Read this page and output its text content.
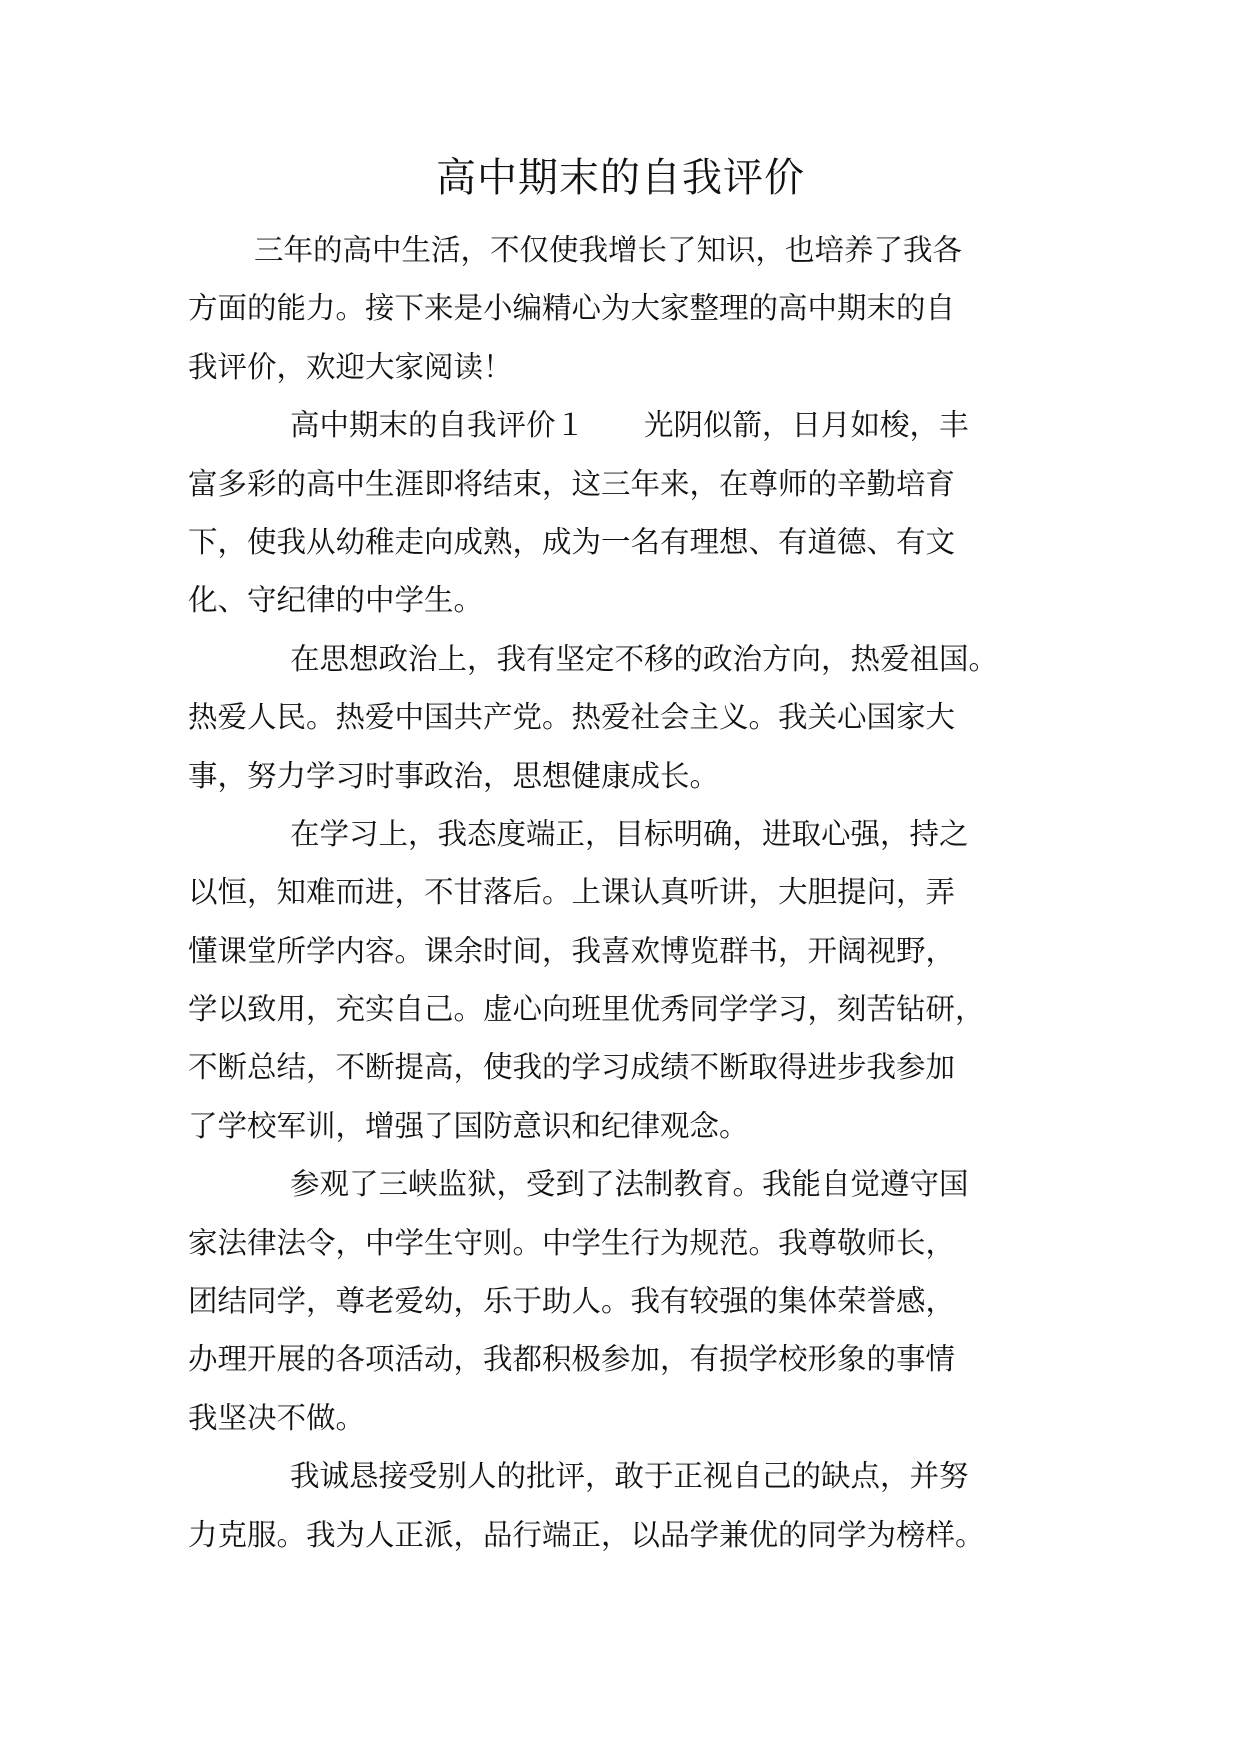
高中期末的自我评价
三年的高中生活，不仅使我增长了知识，也培养了我各
方面的能力。接下来是小编精心为大家整理的高中期末的自
我评价，欢迎大家阅读！
高中期末的自我评价１　　光阴似箭，日月如梭，丰
富多彩的高中生涯即将结束，这三年来，在尊师的辛勤培育
下，使我从幼稚走向成熟，成为一名有理想、有道德、有文
化、守纪律的中学生。
在思想政治上，我有坚定不移的政治方向，热爱祖国。
热爱人民。热爱中国共产党。热爱社会主义。我关心国家大
事，努力学习时事政治，思想健康成长。
在学习上，我态度端正，目标明确，进取心强，持之
以恒，知难而进，不甘落后。上课认真听讲，大胆提问，弄
懂课堂所学内容。课余时间，我喜欢博览群书，开阔视野，
学以致用，充实自己。虚心向班里优秀同学学习，刻苦钻研，
不断总结，不断提高，使我的学习成绩不断取得进步我参加
了学校军训，增强了国防意识和纪律观念。
参观了三峡监狱，受到了法制教育。我能自觉遵守国
家法律法令，中学生守则。中学生行为规范。我尊敬师长，
团结同学，尊老爱幼，乐于助人。我有较强的集体荣誉感，
办理开展的各项活动，我都积极参加，有损学校形象的事情
我坚决不做。
我诚恳接受别人的批评，敢于正视自己的缺点，并努
力克服。我为人正派，品行端正，以品学兼优的同学为榜样。
